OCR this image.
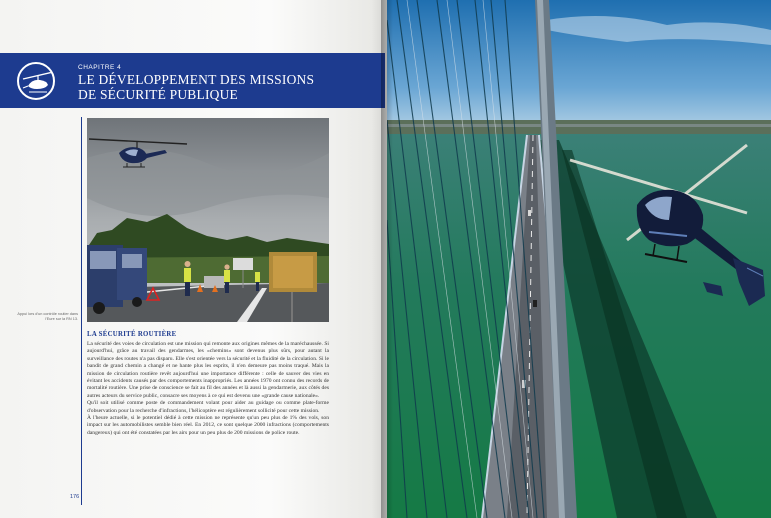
CHAPITRE 4
LE DÉVELOPPEMENT DES MISSIONS
DE SÉCURITÉ PUBLIQUE
Appui lors d'un contrôle routier dans l'Eure sur la RN 13.
LA SÉCURITÉ ROUTIÈRE

La sécurité des voies de circulation est une mission qui remonte aux origines mêmes de la maréchaussée. Si aujourd'hui, grâce au travail des gendarmes, les «chemins» sont devenus plus sûrs, pour autant la surveillance des routes n'a pas disparu. Elle s'est orientée vers la sécurité et la fluidité de la circulation. Si le bandit de grand chemin a changé et ne hante plus les esprits, il n'en demeure pas moins traqué. Mais la mission de circulation routière revêt aujourd'hui une importance différente : celle de sauver des vies en évitant les accidents causés par des comportements inappropriés. Les années 1970 ont connu des records de mortalité routière. Une prise de conscience se fait au fil des années et là aussi la gendarmerie, aux côtés des autres acteurs du service public, consacre ses moyens à ce qui est devenu une «grande cause nationale».

Qu'il soit utilisé comme poste de commandement volant pour aider au guidage ou comme plate-forme d'observation pour la recherche d'infractions, l'hélicoptère est régulièrement sollicité pour cette mission.

À l'heure actuelle, si le potentiel dédié à cette mission ne représente qu'un peu plus de 1% des vols, son impact sur les automobilistes semble bien réel. En 2012, ce sont quelque 2000 infractions (comportements dangereux) qui ont été constatées par les airs pour un peu plus de 200 missions de police route.

176
